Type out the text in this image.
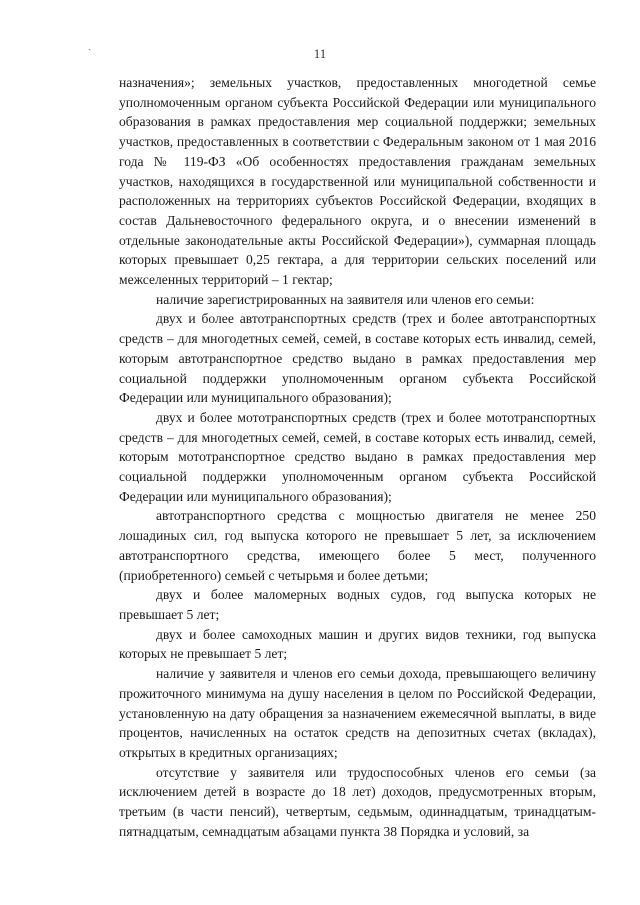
ˏ
11

назначения»; земельных участков, предоставленных многодетной семье уполномоченным органом субъекта Российской Федерации или муниципального образования в рамках предоставления мер социальной поддержки; земельных участков, предоставленных в соответствии с Федеральным законом от 1 мая 2016 года № 119-ФЗ «Об особенностях предоставления гражданам земельных участков, находящихся в государственной или муниципальной собственности и расположенных на территориях субъектов Российской Федерации, входящих в состав Дальневосточного федерального округа, и о внесении изменений в отдельные законодательные акты Российской Федерации»), суммарная площадь которых превышает 0,25 гектара, а для территории сельских поселений или межселенных территорий – 1 гектар;

наличие зарегистрированных на заявителя или членов его семьи:

двух и более автотранспортных средств (трех и более автотранспортных средств – для многодетных семей, семей, в составе которых есть инвалид, семей, которым автотранспортное средство выдано в рамках предоставления мер социальной поддержки уполномоченным органом субъекта Российской Федерации или муниципального образования);

двух и более мототранспортных средств (трех и более мототранспортных средств – для многодетных семей, семей, в составе которых есть инвалид, семей, которым мототранспортное средство выдано в рамках предоставления мер социальной поддержки уполномоченным органом субъекта Российской Федерации или муниципального образования);

автотранспортного средства с мощностью двигателя не менее 250 лошадиных сил, год выпуска которого не превышает 5 лет, за исключением автотранспортного средства, имеющего более 5 мест, полученного (приобретенного) семьей с четырьмя и более детьми;

двух и более маломерных водных судов, год выпуска которых не превышает 5 лет;

двух и более самоходных машин и других видов техники, год выпуска которых не превышает 5 лет;

наличие у заявителя и членов его семьи дохода, превышающего величину прожиточного минимума на душу населения в целом по Российской Федерации, установленную на дату обращения за назначением ежемесячной выплаты, в виде процентов, начисленных на остаток средств на депозитных счетах (вкладах), открытых в кредитных организациях;

отсутствие у заявителя или трудоспособных членов его семьи (за исключением детей в возрасте до 18 лет) доходов, предусмотренных вторым, третьим (в части пенсий), четвертым, седьмым, одиннадцатым, тринадцатым-пятнадцатым, семнадцатым абзацами пункта 38 Порядка и условий, за
